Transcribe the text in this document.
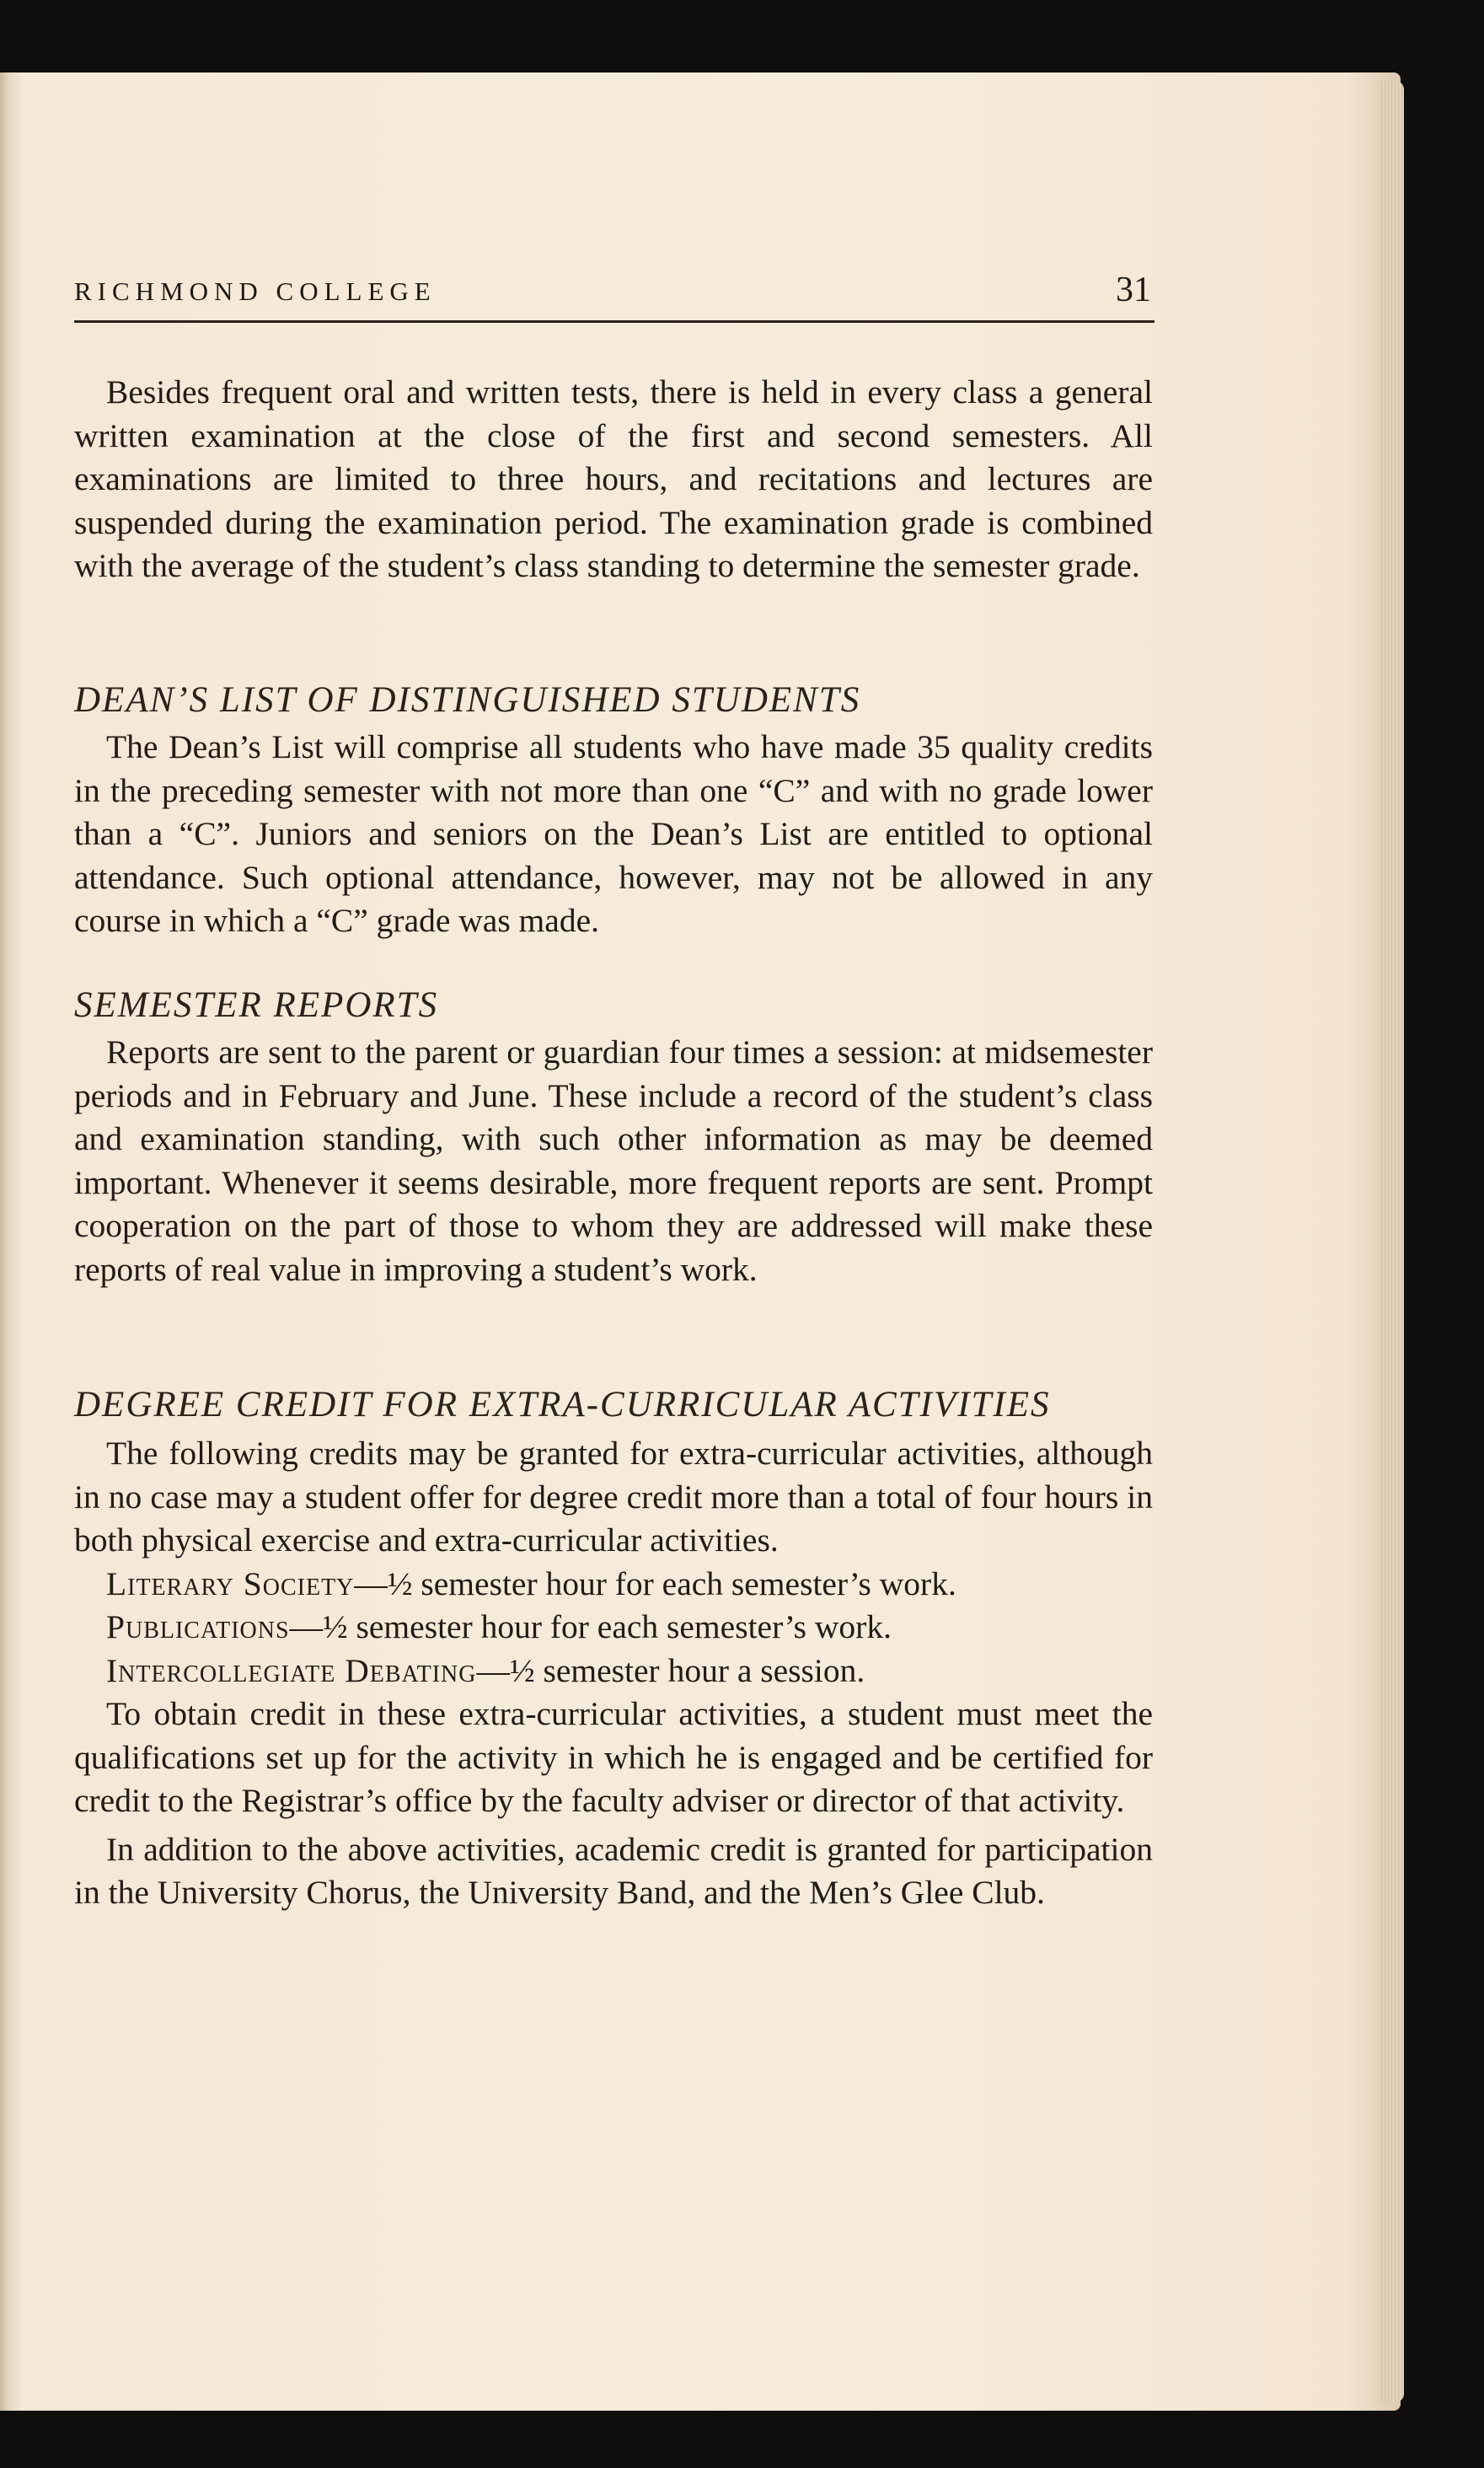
RICHMOND COLLEGE	31

Besides frequent oral and written tests, there is held in every class a general written examination at the close of the first and second semesters. All examinations are limited to three hours, and recitations and lectures are suspended during the examination period. The examination grade is combined with the average of the student’s class standing to determine the semester grade.

DEAN’S LIST OF DISTINGUISHED STUDENTS

The Dean’s List will comprise all students who have made 35 quality credits in the preceding semester with not more than one “C” and with no grade lower than a “C”. Juniors and seniors on the Dean’s List are entitled to optional attendance. Such optional attendance, however, may not be allowed in any course in which a “C” grade was made.

SEMESTER REPORTS

Reports are sent to the parent or guardian four times a session: at midsemester periods and in February and June. These include a record of the student’s class and examination standing, with such other information as may be deemed important. Whenever it seems desirable, more frequent reports are sent. Prompt cooperation on the part of those to whom they are addressed will make these reports of real value in improving a student’s work.

DEGREE CREDIT FOR EXTRA-CURRICULAR ACTIVITIES

The following credits may be granted for extra-curricular activities, although in no case may a student offer for degree credit more than a total of four hours in both physical exercise and extra-curricular activities.

Literary Society—½ semester hour for each semester’s work.

Publications—½ semester hour for each semester’s work.

Intercollegiate Debating—½ semester hour a session.

To obtain credit in these extra-curricular activities, a student must meet the qualifications set up for the activity in which he is engaged and be certified for credit to the Registrar’s office by the faculty adviser or director of that activity.

In addition to the above activities, academic credit is granted for participation in the University Chorus, the University Band, and the Men’s Glee Club.
